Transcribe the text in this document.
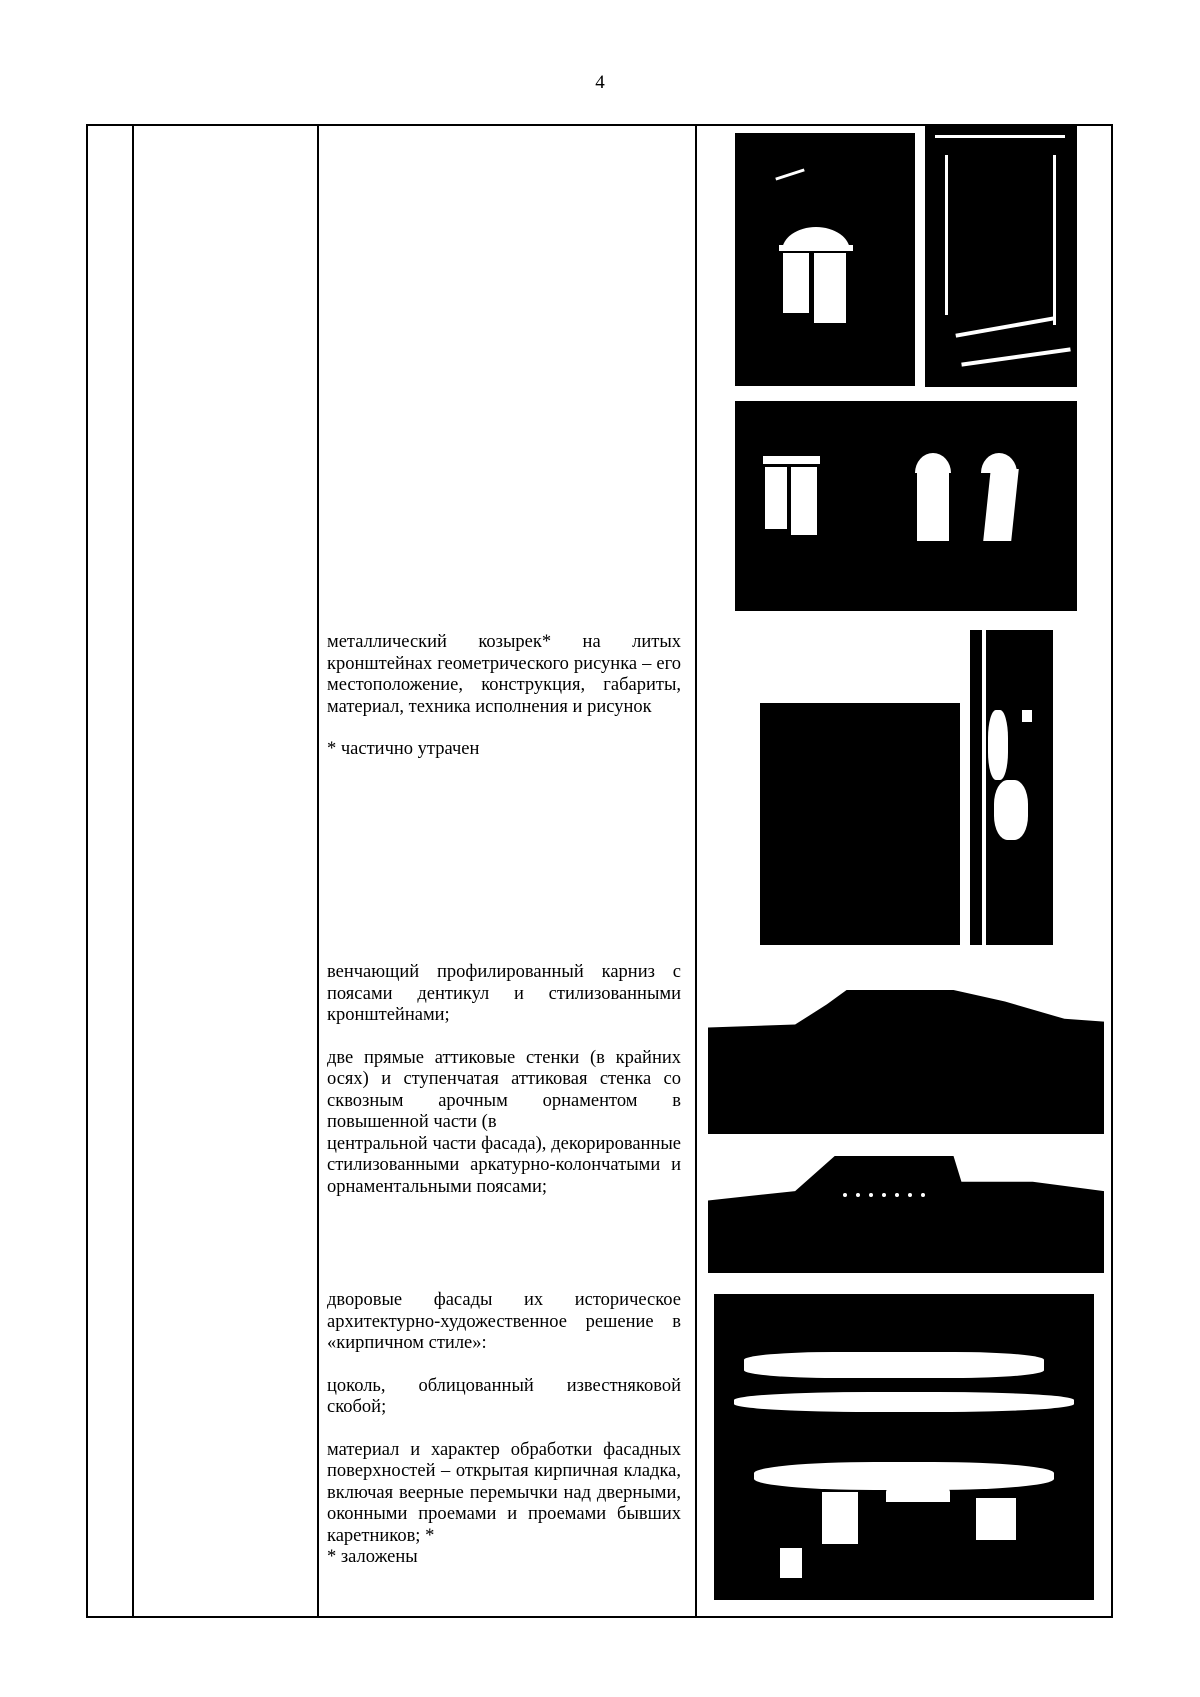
4

металлический козырек* на литых кронштейнах геометрического рисунка – его местоположение, конструкция, габариты, материал, техника исполнения и рисунок

* частично утрачен

венчающий профилированный карниз с поясами дентикул и стилизованными кронштейнами;

две прямые аттиковые стенки (в крайних осях) и ступенчатая аттиковая стенка со сквозным арочным орнаментом в повышенной части (в

центральной части фасада), декорированные стилизованными аркатурно-колончатыми и орнаментальными поясами;

дворовые фасады их историческое архитектурно-художественное решение в «кирпичном стиле»:

цоколь, облицованный известняковой скобой;

материал и характер обработки фасадных поверхностей – открытая кирпичная кладка, включая веерные перемычки над дверными, оконными проемами и проемами бывших каретников; *

* заложены
